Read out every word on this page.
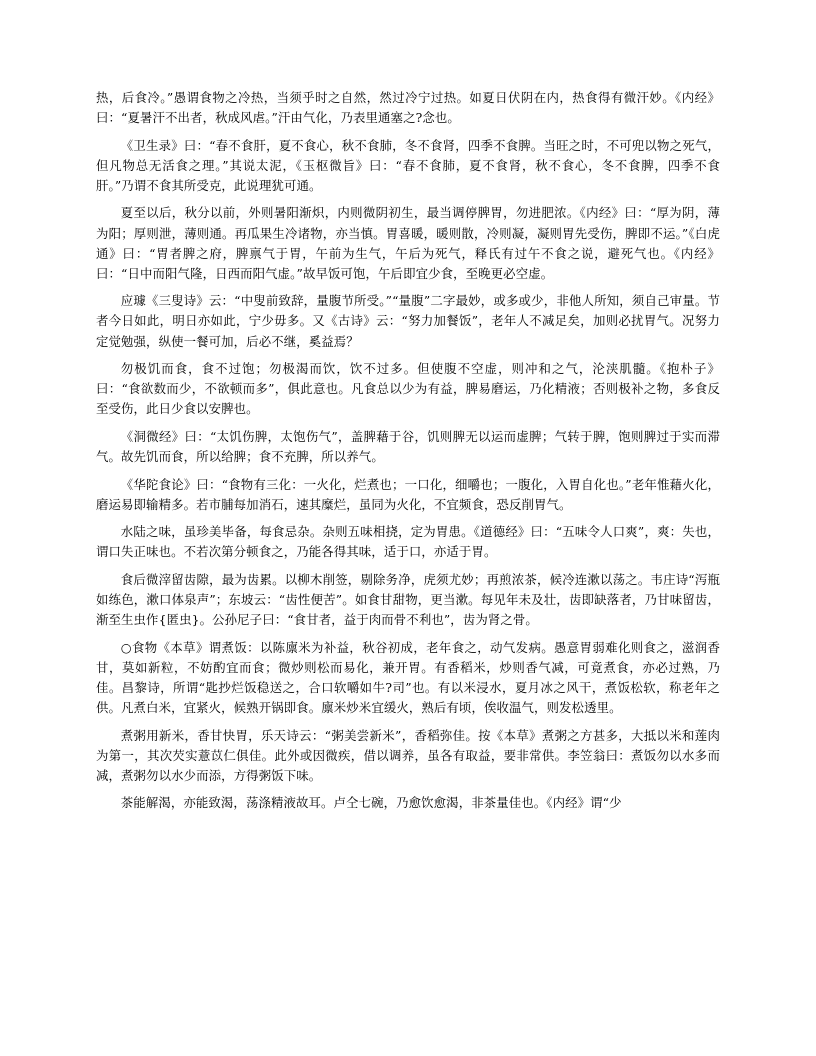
热，后食冷。”愚谓食物之冷热，当须乎时之自然，然过冷宁过热。如夏日伏阴在内，热食得有微汗妙。《内经》曰：“夏暑汗不出者，秋成风虐。”汗由气化，乃表里通塞之?念也。

《卫生录》曰：“春不食肝，夏不食心，秋不食肺，冬不食肾，四季不食脾。当旺之时，不可兜以物之死气，但凡物总无活食之理。”其说太泥，《玉枢微旨》曰：“春不食肺，夏不食肾，秋不食心，冬不食脾，四季不食肝。”乃谓不食其所受克，此说理犹可通。

夏至以后，秋分以前，外则暑阳渐炽，内则微阴初生，最当调停脾胃，勿进肥浓。《内经》曰：“厚为阴，薄为阳；厚则泄，薄则通。再瓜果生冷诸物，亦当慎。胃喜暖，暖则散，冷则凝，凝则胃先受伤，脾即不运。”《白虎通》曰：“胃者脾之府，脾禀气于胃，午前为生气，午后为死气，释氏有过午不食之说，避死气也。《内经》曰：“日中而阳气隆，日西而阳气虚。”故早饭可饱，午后即宜少食，至晚更必空虚。

应璩《三叟诗》云：“中叟前致辞，量腹节所受。”“量腹”二字最妙，或多或少，非他人所知，须自己审量。节者今日如此，明日亦如此，宁少毋多。又《古诗》云：“努力加餐饭”，老年人不减足矣，加则必扰胃气。况努力定觉勉强，纵使一餐可加，后必不继，奚益焉？

勿极饥而食，食不过饱；勿极渴而饮，饮不过多。但使腹不空虚，则冲和之气，沦浃肌髓。《抱朴子》曰：“食欲数而少，不欲顿而多”，俱此意也。凡食总以少为有益，脾易磨运，乃化精液；否则极补之物，多食反至受伤，此日少食以安脾也。

《洞微经》曰：“太饥伤脾，太饱伤气”，盖脾藉于谷，饥则脾无以运而虚脾；气转于脾，饱则脾过于实而滞气。故先饥而食，所以给脾；食不充脾，所以养气。

《华陀食论》曰：“食物有三化：一火化，烂煮也；一口化，细嚼也；一腹化，入胃自化也。”老年惟藉火化，磨运易即输精多。若市脯每加消石，速其糜烂，虽同为火化，不宜频食，恐反削胃气。

水陆之味，虽珍美毕备，每食忌杂。杂则五味相挠，定为胃患。《道德经》曰：“五味令人口爽”，爽：失也，谓口失正味也。不若次第分顿食之，乃能各得其味，适于口，亦适于胃。

食后微滓留齿隙，最为齿累。以柳木削签，剔除务净，虎须尤妙；再煎浓茶，候冷连漱以荡之。韦庄诗“泻瓶如练色，漱口体泉声”；东坡云：“齿性便苦”。如食甘甜物，更当漱。每见年未及壮，齿即缺落者，乃甘味留齿，渐至生虫作{匿虫}。公孙尼子曰：“食甘者，益于肉而骨不利也”，齿为肾之骨。

○食物《本草》谓煮饭：以陈廪米为补益，秋谷初成，老年食之，动气发病。愚意胃弱难化则食之，滋润香甘，莫如新粒，不妨酌宜而食；微炒则松而易化，兼开胃。有香稻米，炒则香气减，可竟煮食，亦必过熟，乃佳。昌黎诗，所谓“匙抄烂饭稳送之，合口软嚼如牛?司”也。有以米浸水，夏月冰之风干，煮饭松软，称老年之供。凡煮白米，宜紧火，候熟开锅即食。廪米炒米宜缓火，熟后有顷，俟收温气，则发松透里。

煮粥用新米，香甘快胃，乐天诗云：“粥美尝新米”，香稻弥佳。按《本草》煮粥之方甚多，大抵以米和莲肉为第一，其次芡实薏苡仁俱佳。此外或因微疾，借以调养，虽各有取益，要非常供。李笠翁曰：煮饭勿以水多而减，煮粥勿以水少而添，方得粥饭下味。

茶能解渴，亦能致渴，荡涤精液故耳。卢仝七碗，乃愈饮愈渴，非茶量佳也。《内经》谓“少
